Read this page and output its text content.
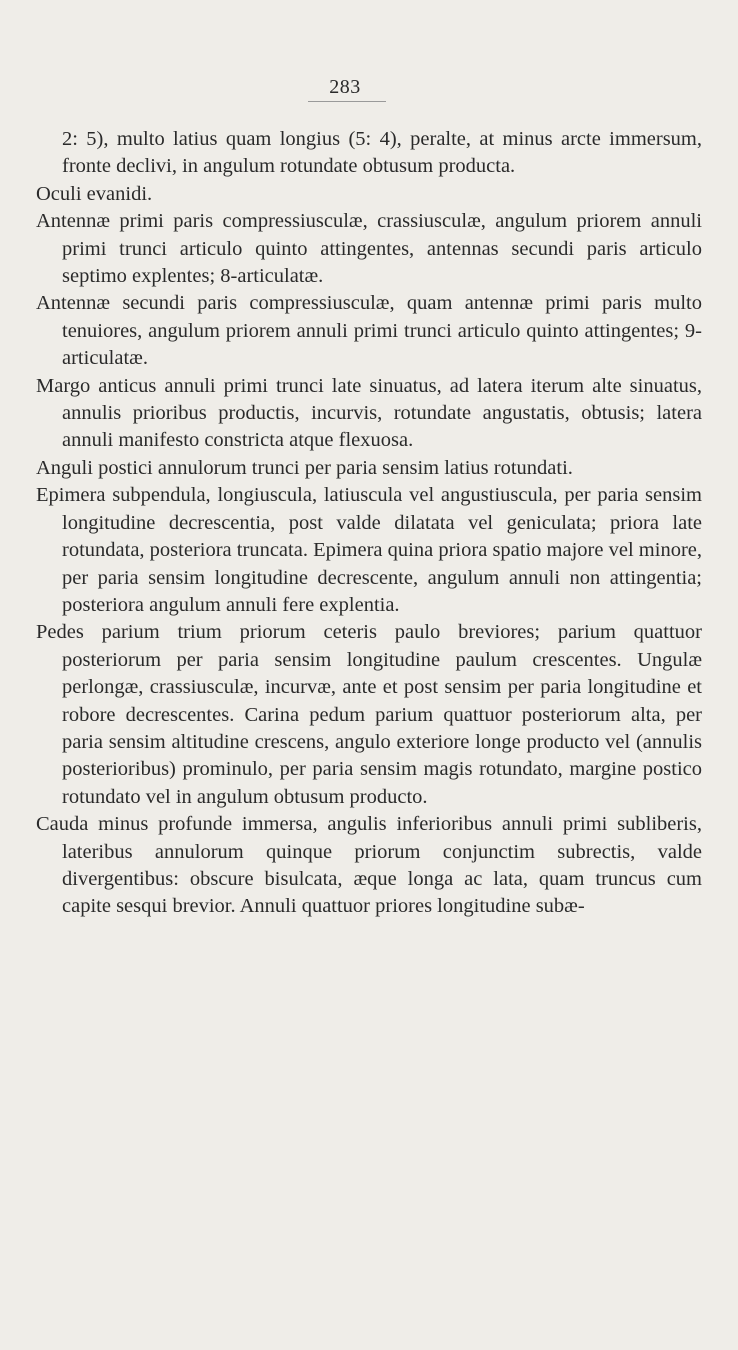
283

2: 5), multo latius quam longius (5: 4), peralte, at minus arcte immersum, fronte declivi, in angulum rotundate obtusum producta.

Oculi evanidi.

Antennæ primi paris compressiusculæ, crassiusculæ, angulum priorem annuli primi trunci articulo quinto attingentes, antennas secundi paris articulo septimo explentes; 8-articulatæ.

Antennæ secundi paris compressiusculæ, quam antennæ primi paris multo tenuiores, angulum priorem annuli primi trunci articulo quinto attingentes; 9-articulatæ.

Margo anticus annuli primi trunci late sinuatus, ad latera iterum alte sinuatus, annulis prioribus productis, incurvis, rotundate angustatis, obtusis; latera annuli manifesto constricta atque flexuosa.

Anguli postici annulorum trunci per paria sensim latius rotundati.

Epimera subpendula, longiuscula, latiuscula vel angustiuscula, per paria sensim longitudine decrescentia, post valde dilatata vel geniculata; priora late rotundata, posteriora truncata. Epimera quina priora spatio majore vel minore, per paria sensim longitudine decrescente, angulum annuli non attingentia; posteriora angulum annuli fere explentia.

Pedes parium trium priorum ceteris paulo breviores; parium quattuor posteriorum per paria sensim longitudine paulum crescentes. Ungulæ perlongæ, crassiusculæ, incurvæ, ante et post sensim per paria longitudine et robore decrescentes. Carina pedum parium quattuor posteriorum alta, per paria sensim altitudine crescens, angulo exteriore longe producto vel (annulis posterioribus) prominulo, per paria sensim magis rotundato, margine postico rotundato vel in angulum obtusum producto.

Cauda minus profunde immersa, angulis inferioribus annuli primi subliberis, lateribus annulorum quinque priorum conjunctim subrectis, valde divergentibus: obscure bisulcata, æque longa ac lata, quam truncus cum capite sesqui brevior. Annuli quattuor priores longitudine subæ-
